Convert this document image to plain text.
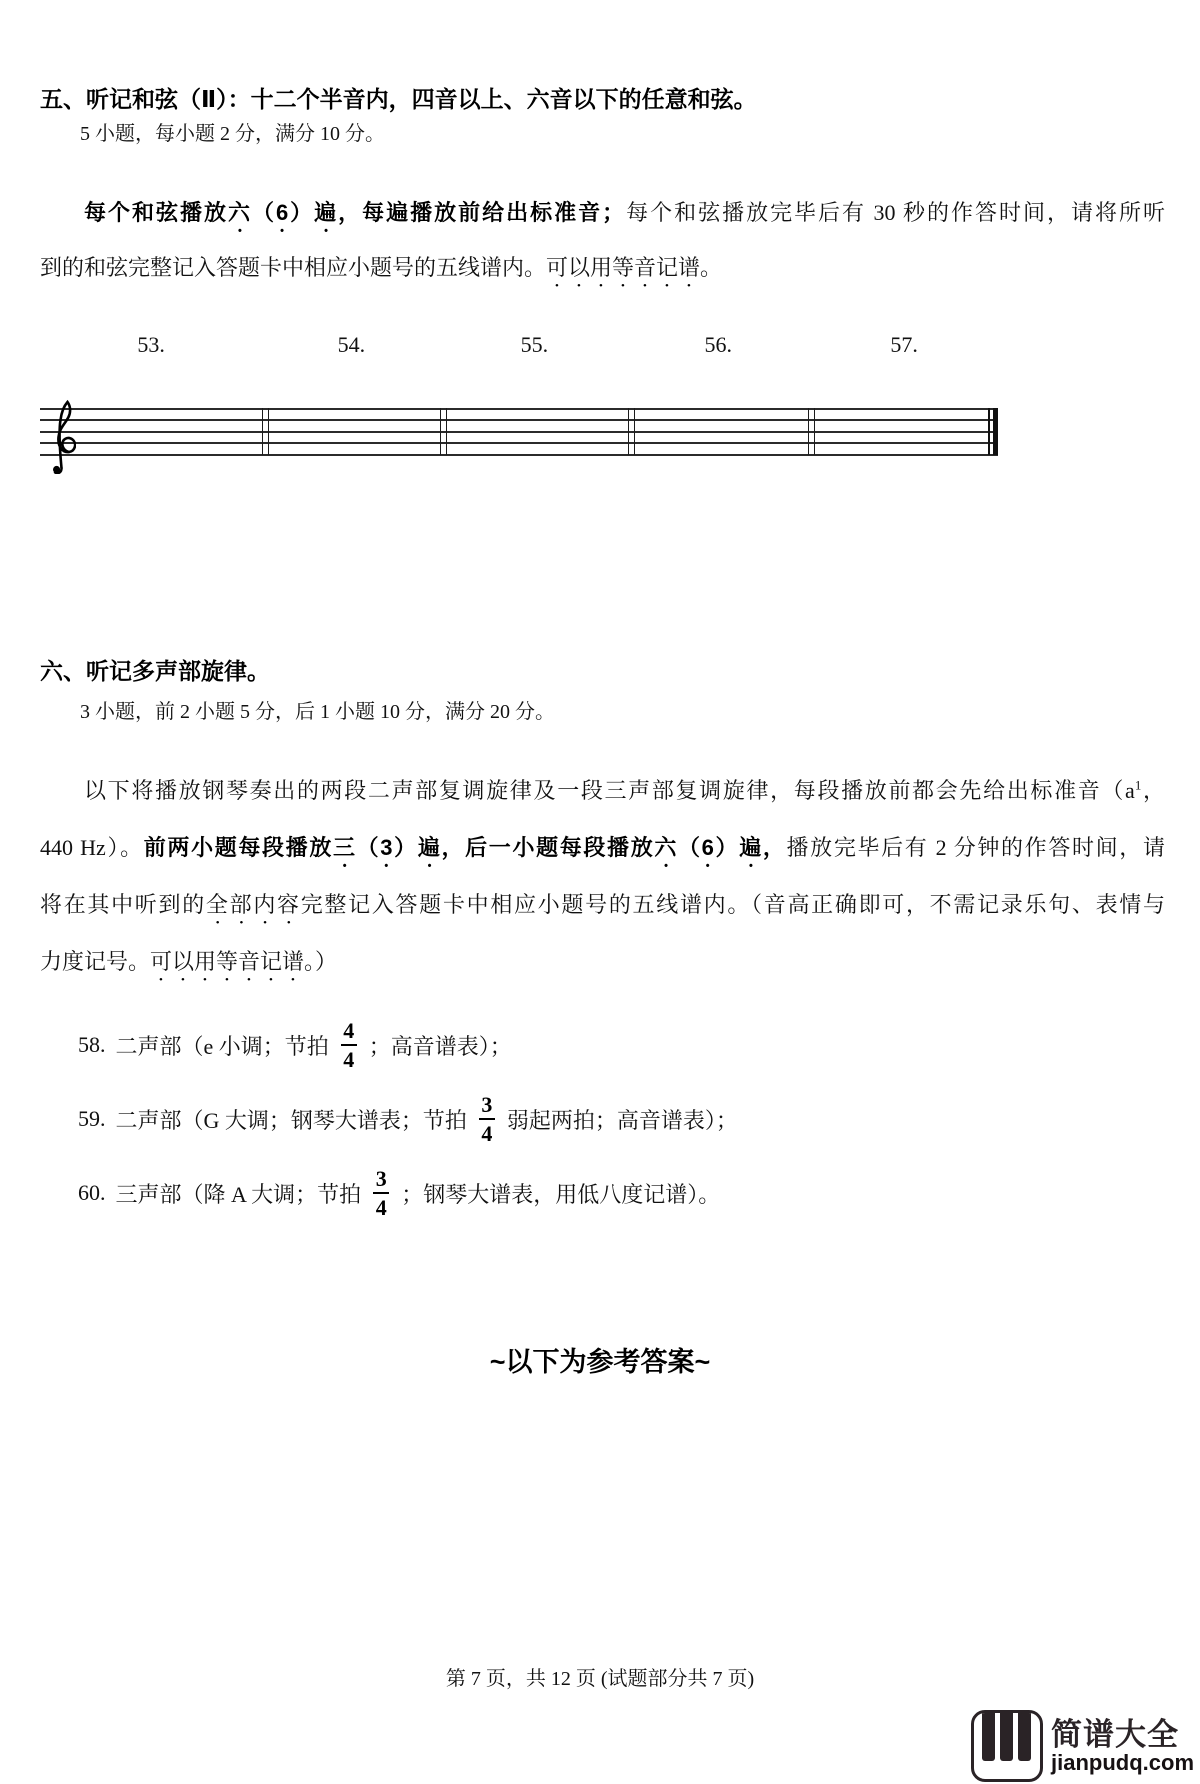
五、听记和弦（Ⅱ）：十二个半音内，四音以上、六音以下的任意和弦。

5 小题，每小题 2 分，满分 10 分。

每个和弦播放六（6）遍，每遍播放前给出标准音；每个和弦播放完毕后有 30 秒的作答时间，请将所听
到的和弦完整记入答题卡中相应小题号的五线谱内。可以用等音记谱。
53.	54.	55.	56.	57.
六、听记多声部旋律。

3 小题，前 2 小题 5 分，后 1 小题 10 分，满分 20 分。

以下将播放钢琴奏出的两段二声部复调旋律及一段三声部复调旋律，每段播放前都会先给出标准音（$a^1$，
440 Hz）。前两小题每段播放三（3）遍，后一小题每段播放六（6）遍，播放完毕后有 2 分钟的作答时间，请
将在其中听到的全部内容完整记入答题卡中相应小题号的五线谱内。（音高正确即可，不需记录乐句、表情与
力度记号。可以用等音记谱。）
58. 二声部（e 小调；节拍 $\frac{4}{4}$ ；高音谱表）；
59. 二声部（G 大调；钢琴大谱表；节拍 $\frac{3}{4}$ 弱起两拍；高音谱表）；
60. 三声部（降 A 大调；节拍 $\frac{3}{4}$ ；钢琴大谱表，用低八度记谱）。
~以下为参考答案~
第 7 页，共 12 页 (试题部分共 7 页)
简谱大全
jianpudq.com
